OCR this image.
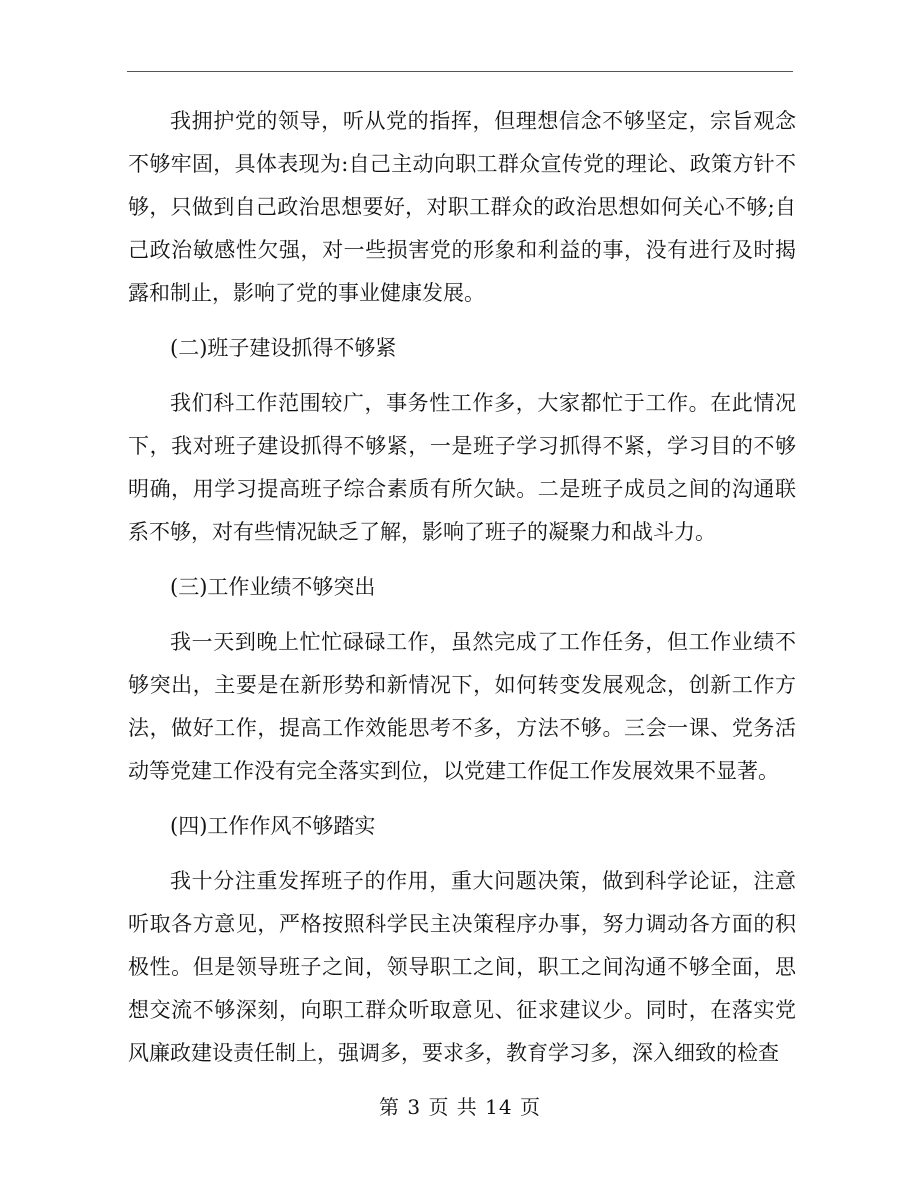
我拥护党的领导，听从党的指挥，但理想信念不够坚定，宗旨观念不够牢固，具体表现为:自己主动向职工群众宣传党的理论、政策方针不够，只做到自己政治思想要好，对职工群众的政治思想如何关心不够;自己政治敏感性欠强，对一些损害党的形象和利益的事，没有进行及时揭露和制止，影响了党的事业健康发展。

(二)班子建设抓得不够紧

我们科工作范围较广，事务性工作多，大家都忙于工作。在此情况下，我对班子建设抓得不够紧，一是班子学习抓得不紧，学习目的不够明确，用学习提高班子综合素质有所欠缺。二是班子成员之间的沟通联系不够，对有些情况缺乏了解，影响了班子的凝聚力和战斗力。

(三)工作业绩不够突出

我一天到晚上忙忙碌碌工作，虽然完成了工作任务，但工作业绩不够突出，主要是在新形势和新情况下，如何转变发展观念，创新工作方法，做好工作，提高工作效能思考不多，方法不够。三会一课、党务活动等党建工作没有完全落实到位，以党建工作促工作发展效果不显著。

(四)工作作风不够踏实

我十分注重发挥班子的作用，重大问题决策，做到科学论证，注意听取各方意见，严格按照科学民主决策程序办事，努力调动各方面的积极性。但是领导班子之间，领导职工之间，职工之间沟通不够全面，思想交流不够深刻，向职工群众听取意见、征求建议少。同时，在落实党风廉政建设责任制上，强调多，要求多，教育学习多，深入细致的检查

第 3 页 共 14 页
